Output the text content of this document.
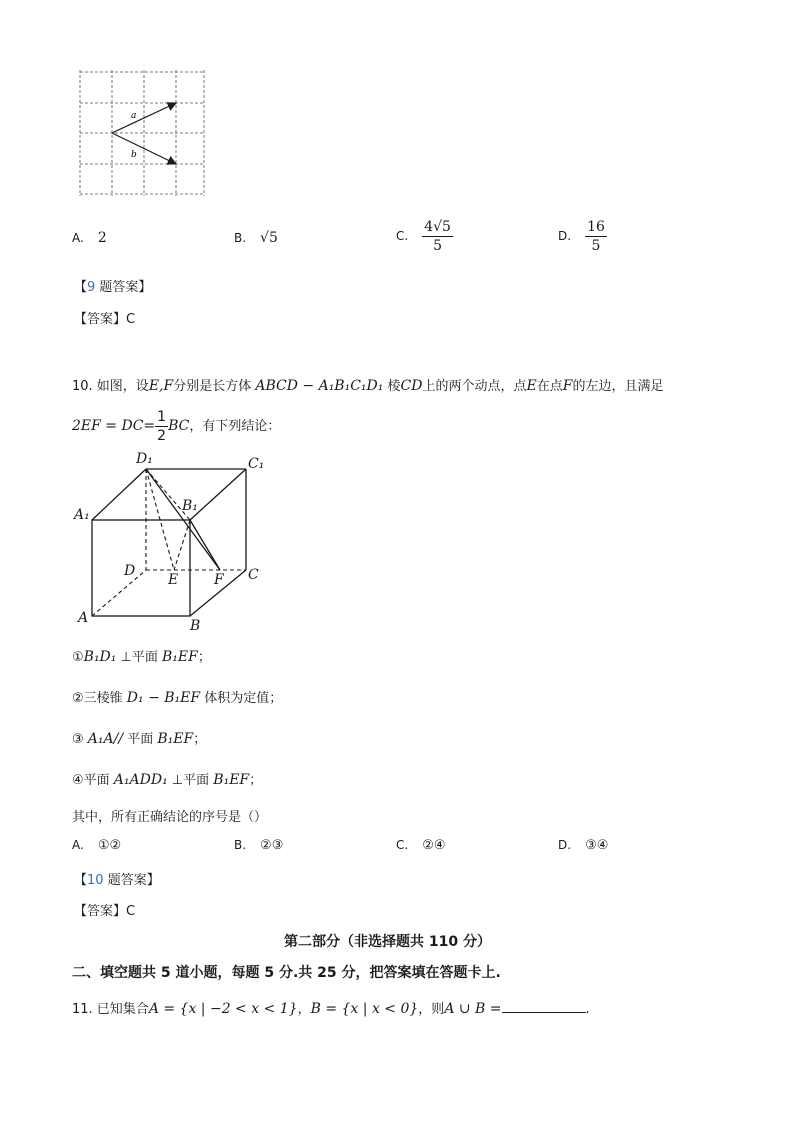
a
b
A. 2	B. √5	C. $\frac{4√5}{5}$	D. $\frac{16}{5}$
【9 题答案】
【答案】C
10. 如图，设E,F分别是长方体 ABCD − A₁B₁C₁D₁ 棱CD上的两个动点，点E在点F的左边，且满足
$2EF = DC= \frac{1}{2}$ BC，有下列结论：
D₁	C₁
A₁
B₁
D
E	F C
A	B
①B₁D₁ ⊥平面 B₁EF；
②三棱锥 D₁ − B₁EF 体积为定值；
③ A₁A// 平面 B₁EF；
④平面 A₁ADD₁ ⊥平面 B₁EF；
其中，所有正确结论的序号是（）
A. ①②	B. ②③	C. ②④	D. ③④
【10 题答案】
【答案】C
第二部分（非选择题共 110 分）
二、填空题共 5 道小题，每题 5 分.共 25 分，把答案填在答题卡上.
11. 已知集合A = {x | −2 < x < 1}，B = {x | x < 0}，则A ∪ B =	.
